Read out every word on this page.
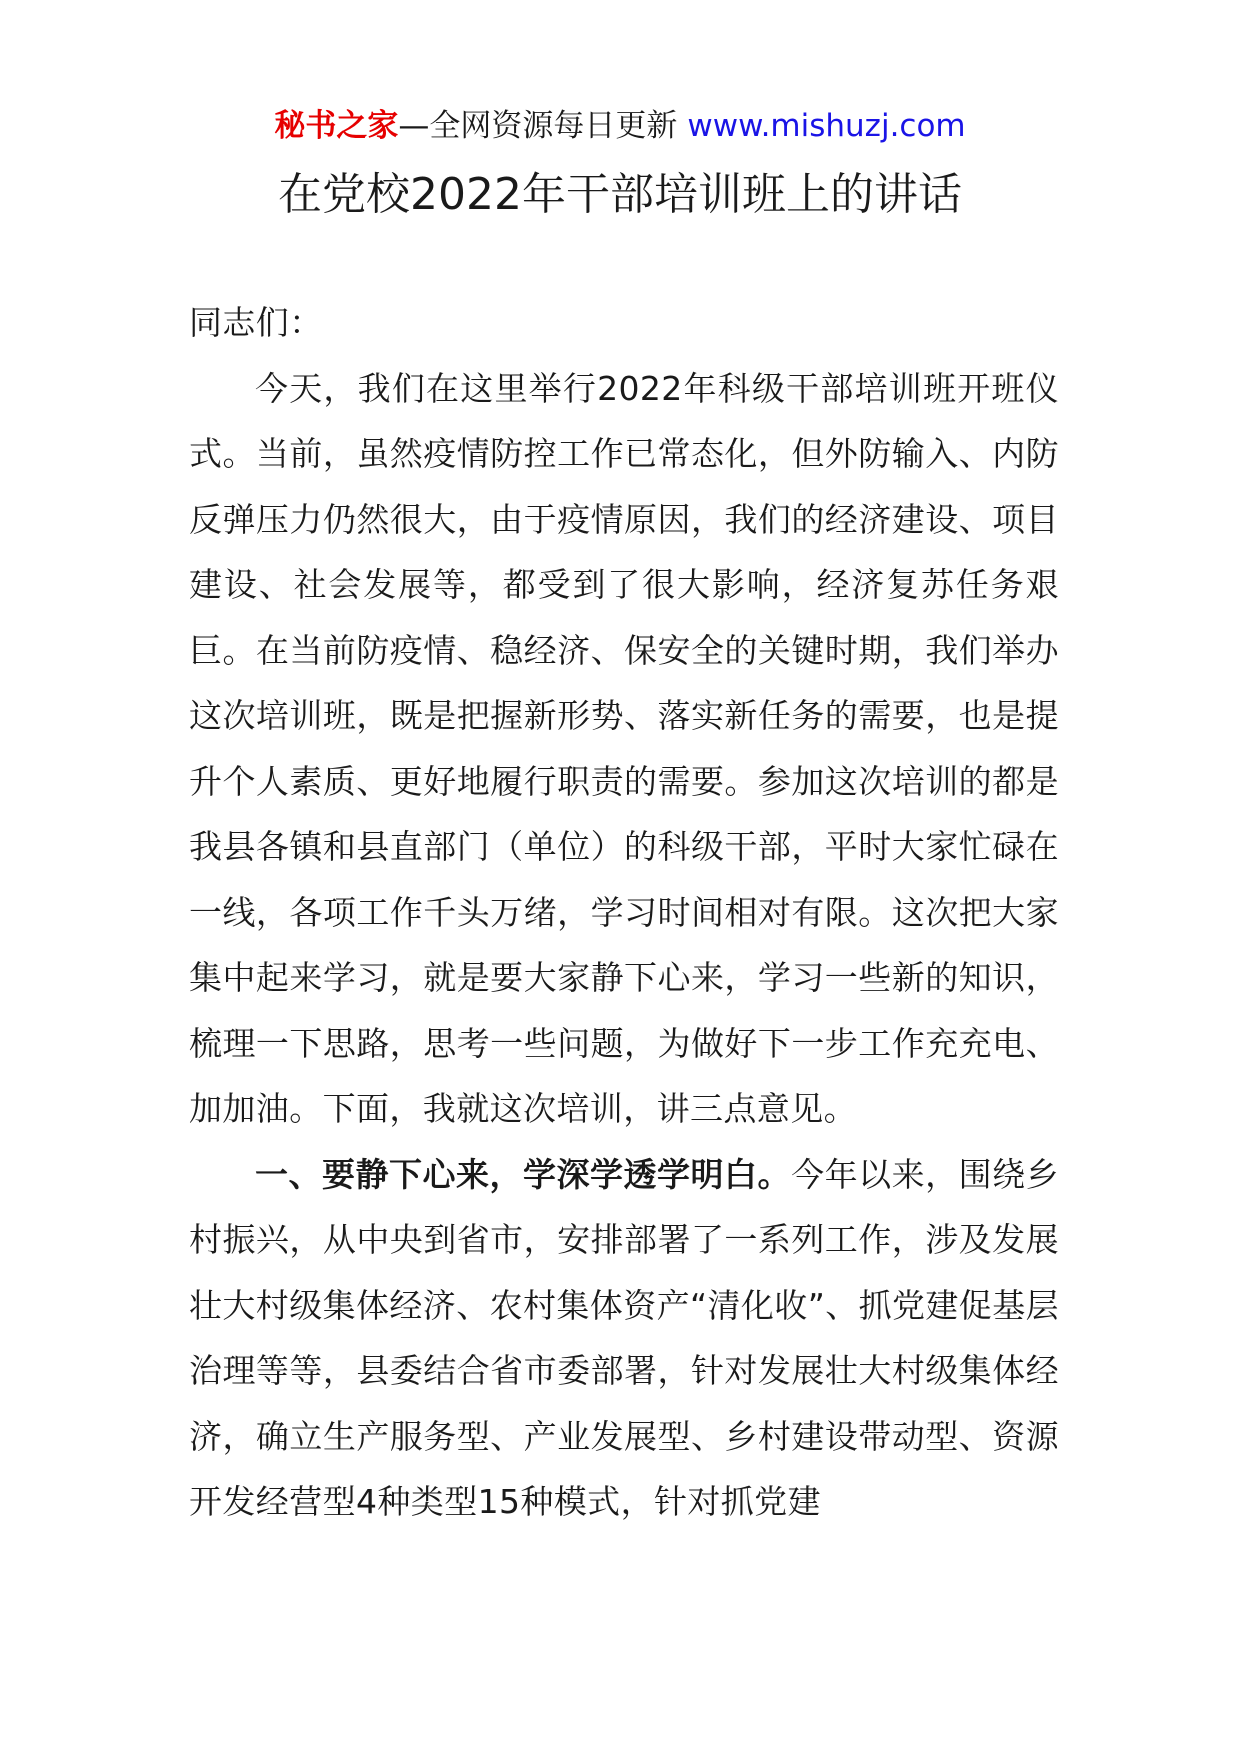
秘书之家—全网资源每日更新 www.mishuzj.com
在党校2022年干部培训班上的讲话

同志们：

今天，我们在这里举行2022年科级干部培训班开班仪式。当前，虽然疫情防控工作已常态化，但外防输入、内防反弹压力仍然很大，由于疫情原因，我们的经济建设、项目建设、社会发展等，都受到了很大影响，经济复苏任务艰巨。在当前防疫情、稳经济、保安全的关键时期，我们举办这次培训班，既是把握新形势、落实新任务的需要，也是提升个人素质、更好地履行职责的需要。参加这次培训的都是我县各镇和县直部门（单位）的科级干部，平时大家忙碌在一线，各项工作千头万绪，学习时间相对有限。这次把大家集中起来学习，就是要大家静下心来，学习一些新的知识，梳理一下思路，思考一些问题，为做好下一步工作充充电、加加油。下面，我就这次培训，讲三点意见。

一、要静下心来，学深学透学明白。今年以来，围绕乡村振兴，从中央到省市，安排部署了一系列工作，涉及发展壮大村级集体经济、农村集体资产“清化收”、抓党建促基层治理等等，县委结合省市委部署，针对发展壮大村级集体经济，确立生产服务型、产业发展型、乡村建设带动型、资源开发经营型4种类型15种模式，针对抓党建
